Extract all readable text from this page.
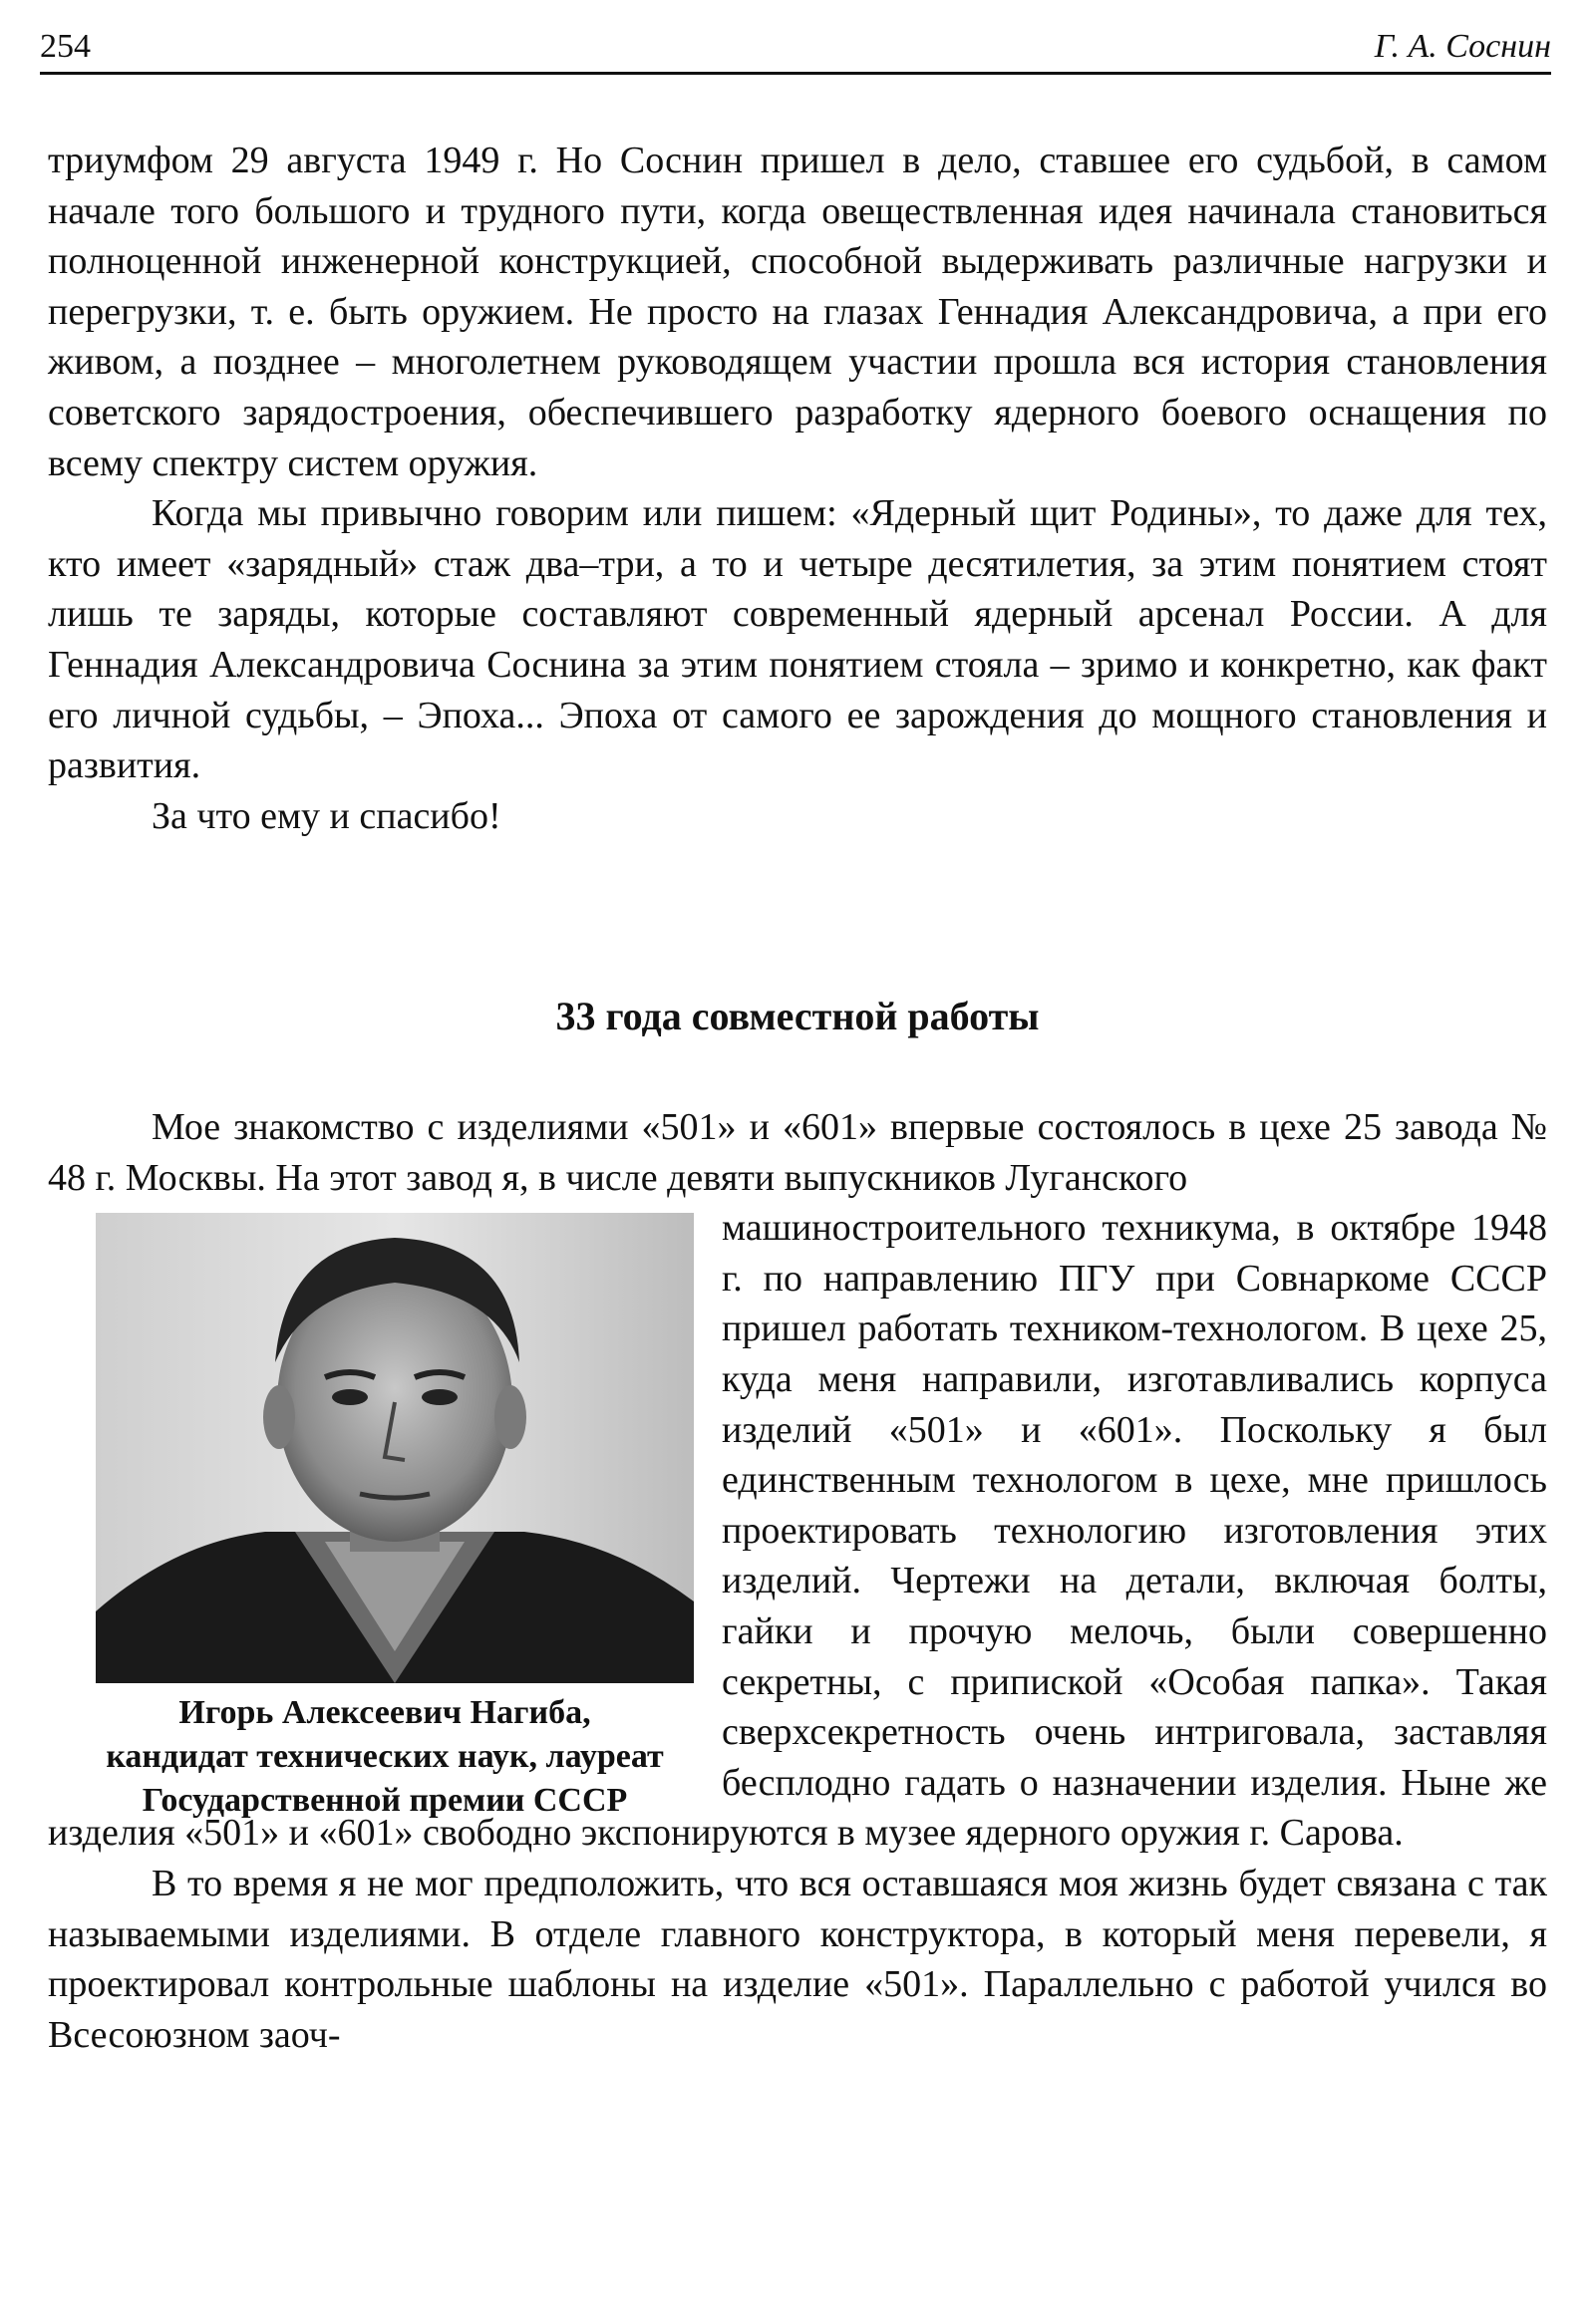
254	Г. А. Соснин

триумфом 29 августа 1949 г. Но Соснин пришел в дело, ставшее его судьбой, в самом начале того большого и трудного пути, когда овеществленная идея начинала становиться полноценной инженерной конструкцией, способной выдерживать различные нагрузки и перегрузки, т. е. быть оружием. Не просто на глазах Геннадия Александровича, а при его живом, а позднее – многолетнем руководящем участии прошла вся история становления советского зарядостроения, обеспечившего разработку ядерного боевого оснащения по всему спектру систем оружия.

Когда мы привычно говорим или пишем: «Ядерный щит Родины», то даже для тех, кто имеет «зарядный» стаж два–три, а то и четыре десятилетия, за этим понятием стоят лишь те заряды, которые составляют современный ядерный арсенал России. А для Геннадия Александровича Соснина за этим понятием стояла – зримо и конкретно, как факт его личной судьбы, – Эпоха... Эпоха от самого ее зарождения до мощного становления и развития.

За что ему и спасибо!

33 года совместной работы

Мое знакомство с изделиями «501» и «601» впервые состоялось в цехе 25 завода № 48 г. Москвы. На этот завод я, в числе девяти выпускников Луганского

Игорь Алексеевич Нагиба,
кандидат технических наук, лауреат
Государственной премии СССР

машиностроительного техникума, в октябре 1948 г. по направлению ПГУ при Совнаркоме СССР пришел работать техником-технологом. В цехе 25, куда меня направили, изготавливались корпуса изделий «501» и «601». Поскольку я был единственным технологом в цехе, мне пришлось проектировать технологию изготовления этих изделий. Чертежи на детали, включая болты, гайки и прочую мелочь, были совершенно секретны, с припиской «Особая папка». Такая сверхсекретность очень интриговала, заставляя бесплодно гадать о назначении изделия. Ныне же изделия «501» и «601» свободно экспонируются в музее ядерного оружия г. Сарова.

В то время я не мог предположить, что вся оставшаяся моя жизнь будет связана с так называемыми изделиями. В отделе главного конструктора, в который меня перевели, я проектировал контрольные шаблоны на изделие «501». Параллельно с работой учился во Всесоюзном заоч-
